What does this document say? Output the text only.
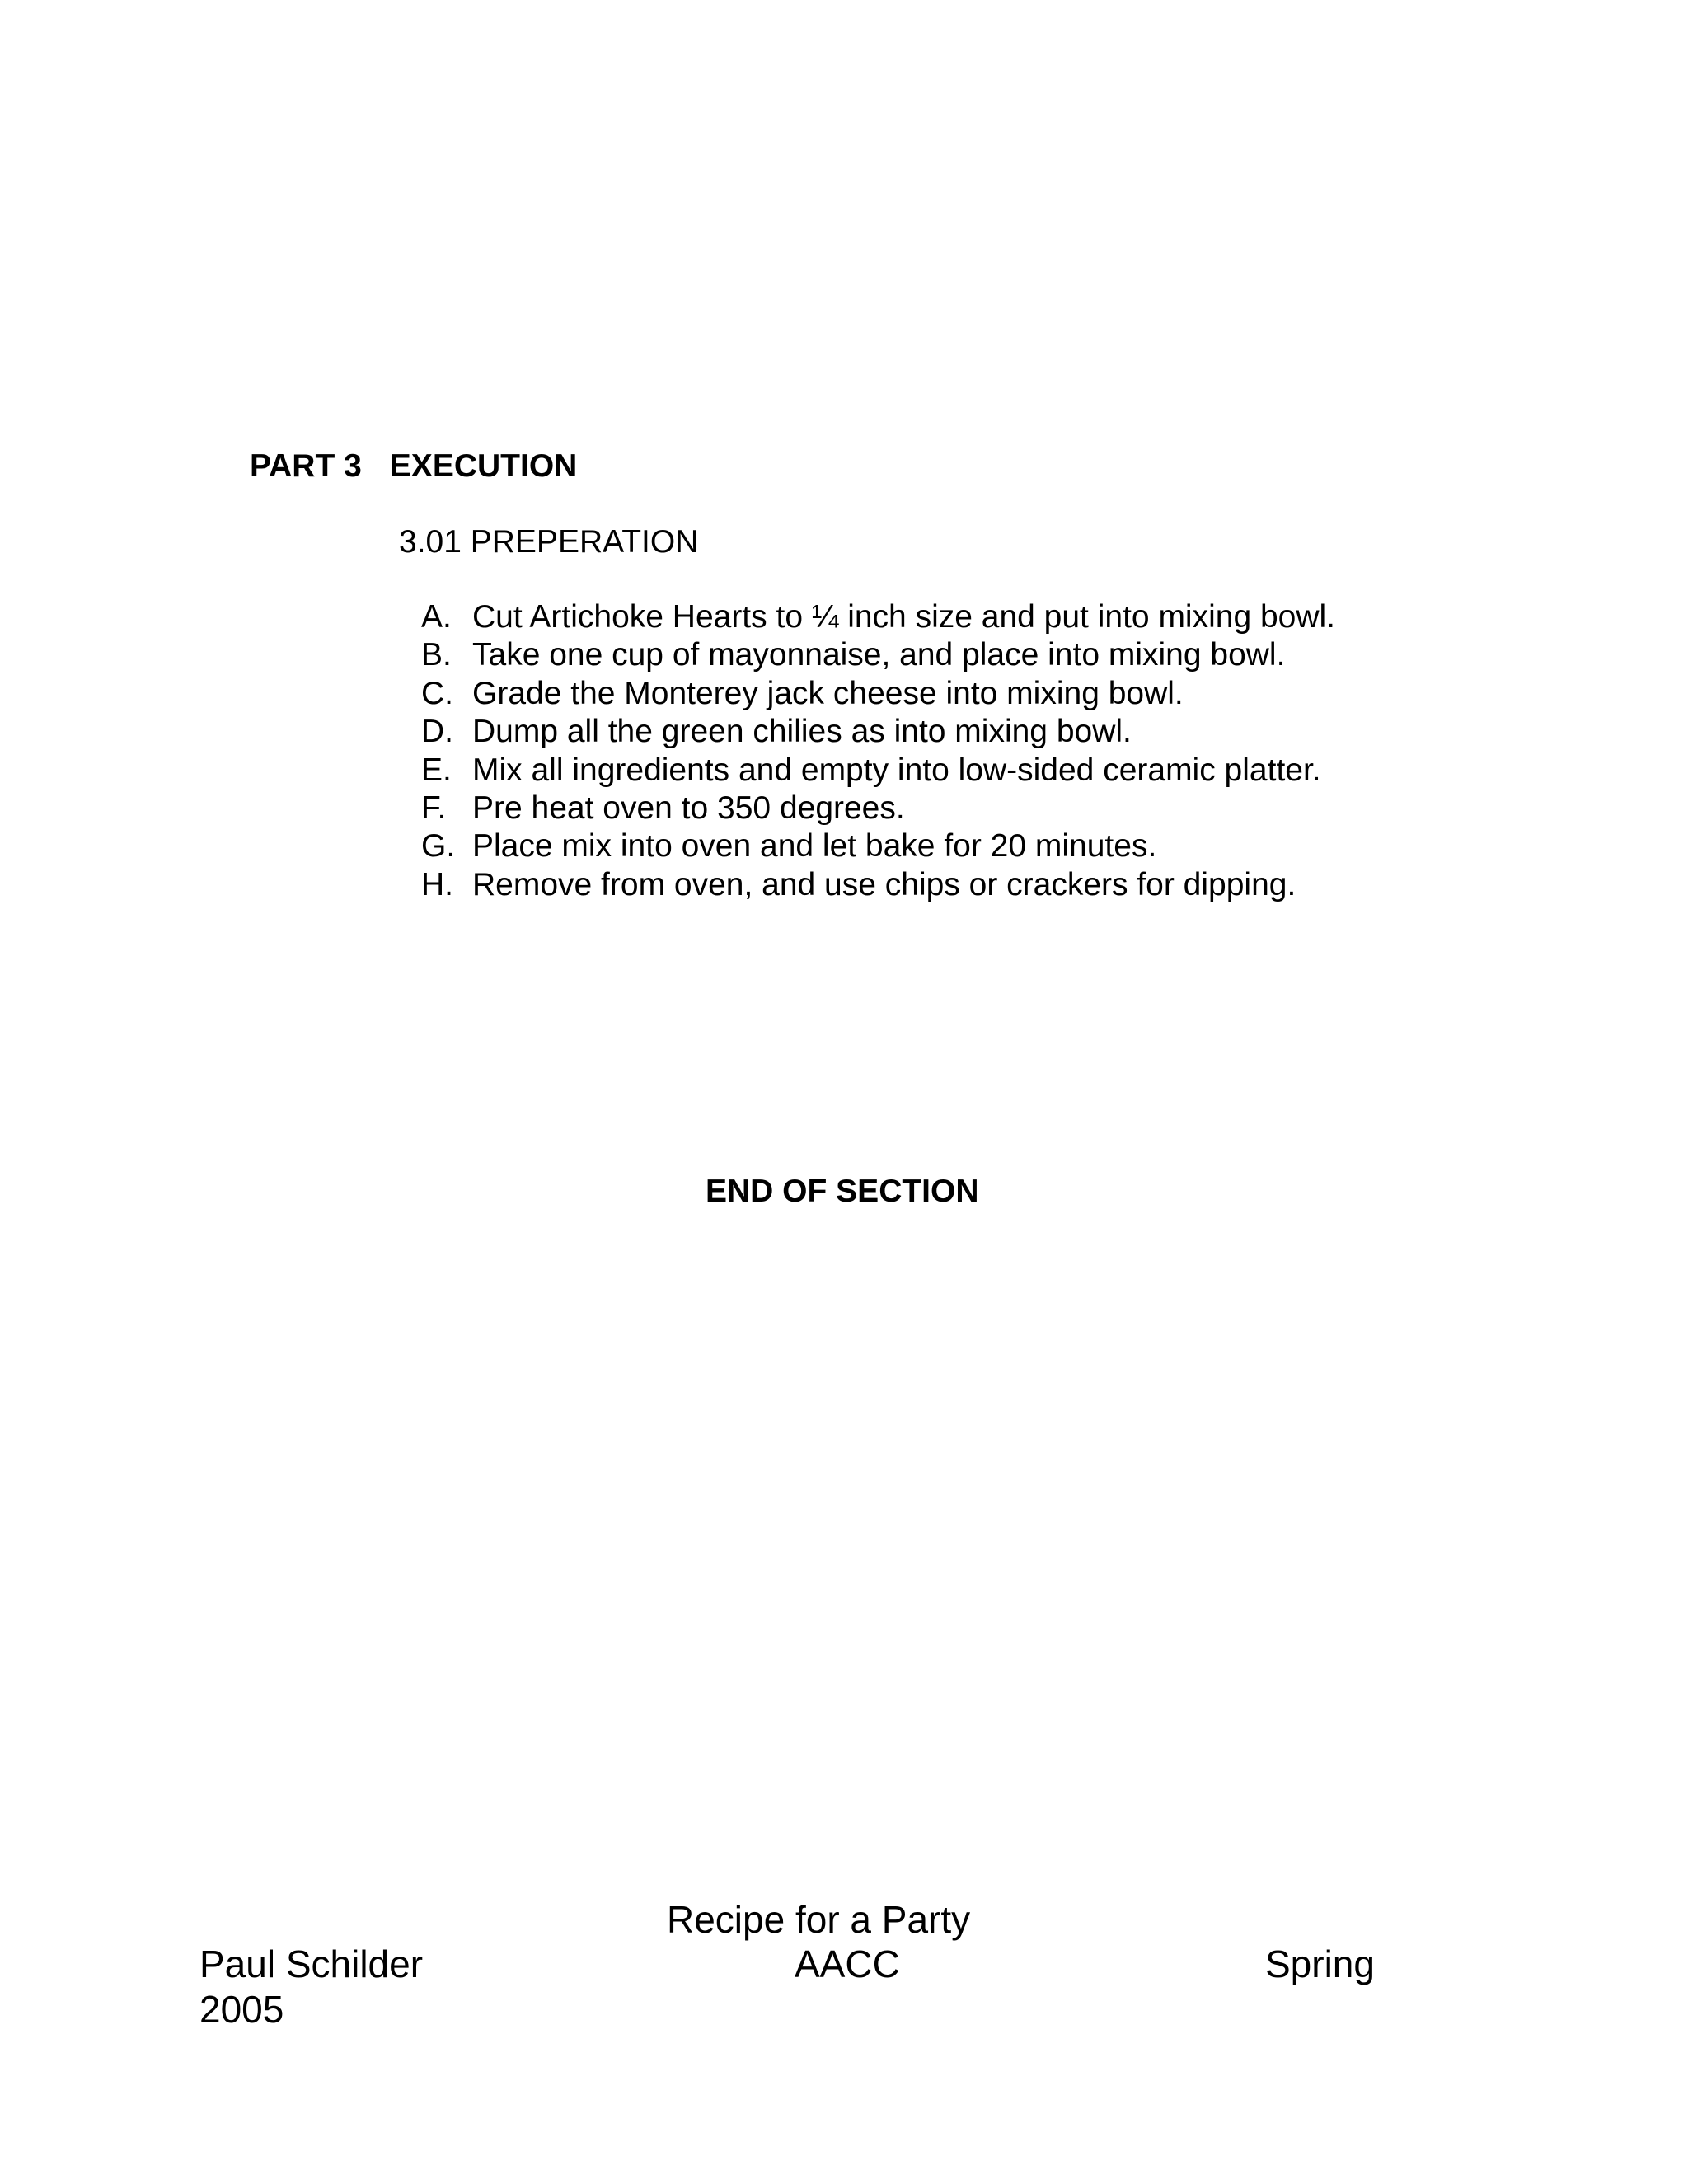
PART 3 EXECUTION
3.01 PREPERATION
A. Cut Artichoke Hearts to ¼ inch size and put into mixing bowl.
B. Take one cup of mayonnaise, and place into mixing bowl.
C. Grade the Monterey jack cheese into mixing bowl.
D. Dump all the green chilies as into mixing bowl.
E. Mix all ingredients and empty into low-sided ceramic platter.
F. Pre heat oven to 350 degrees.
G. Place mix into oven and let bake for 20 minutes.
H. Remove from oven, and use chips or crackers for dipping.
END OF SECTION
Recipe for a Party
Paul Schilder	AACC	Spring
2005
